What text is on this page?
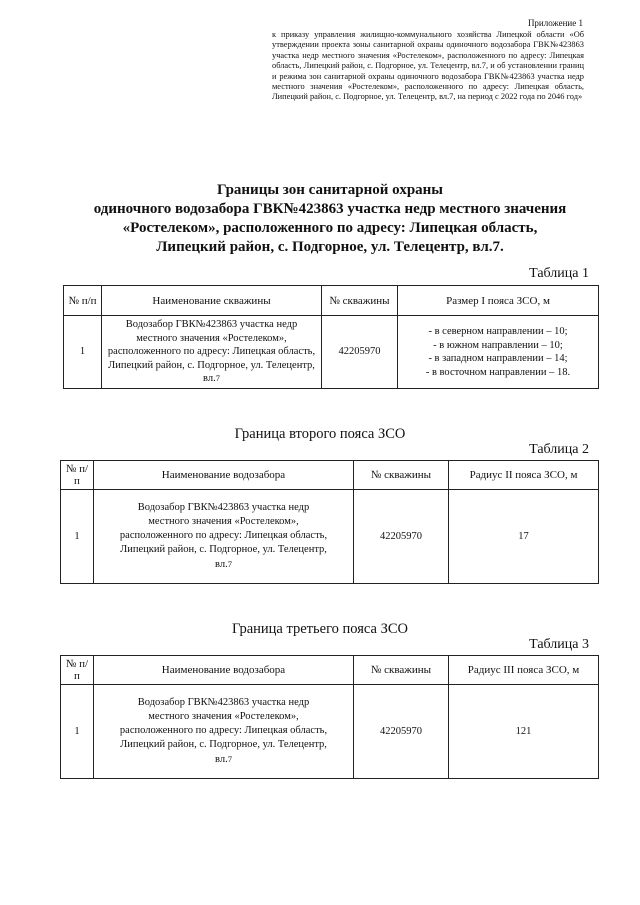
Приложение 1
к приказу управления жилищно-коммунального хозяйства Липецкой области «Об утверждении проекта зоны санитарной охраны одиночного водозабора ГВК№423863 участка недр местного значения «Ростелеком», расположенного по адресу: Липецкая область, Липецкий район, с. Подгорное, ул. Телецентр, вл.7, и об установлении границ и режима зон санитарной охраны одиночного водозабора ГВК№423863 участка недр местного значения «Ростелеком», расположенного по адресу: Липецкая область, Липецкий район, с. Подгорное, ул. Телецентр, вл.7, на период с 2022 года по 2046 год»
Границы зон санитарной охраны
одиночного водозабора ГВК№423863 участка недр местного значения
«Ростелеком», расположенного по адресу: Липецкая область,
Липецкий район, с. Подгорное, ул. Телецентр, вл.7.
Таблица 1
№ п/п	Наименование скважины	№ скважины	Размер I пояса ЗСО, м
1	Водозабор ГВК№423863 участка недр местного значения «Ростелеком», расположенного по адресу: Липецкая область, Липецкий район, с. Подгорное, ул. Телецентр, вл.7	42205970	- в северном направлении – 10;
- в южном направлении – 10;
- в западном направлении – 14;
- в восточном направлении – 18.
Граница второго пояса ЗСО
Таблица 2
№ п/п	Наименование водозабора	№ скважины	Радиус II пояса ЗСО, м
1	Водозабор ГВК№423863 участка недр местного значения «Ростелеком», расположенного по адресу: Липецкая область, Липецкий район, с. Подгорное, ул. Телецентр, вл.7	42205970	17
Граница третьего пояса ЗСО
Таблица 3
№ п/п	Наименование водозабора	№ скважины	Радиус III пояса ЗСО, м
1	Водозабор ГВК№423863 участка недр местного значения «Ростелеком», расположенного по адресу: Липецкая область, Липецкий район, с. Подгорное, ул. Телецентр, вл.7	42205970	121
